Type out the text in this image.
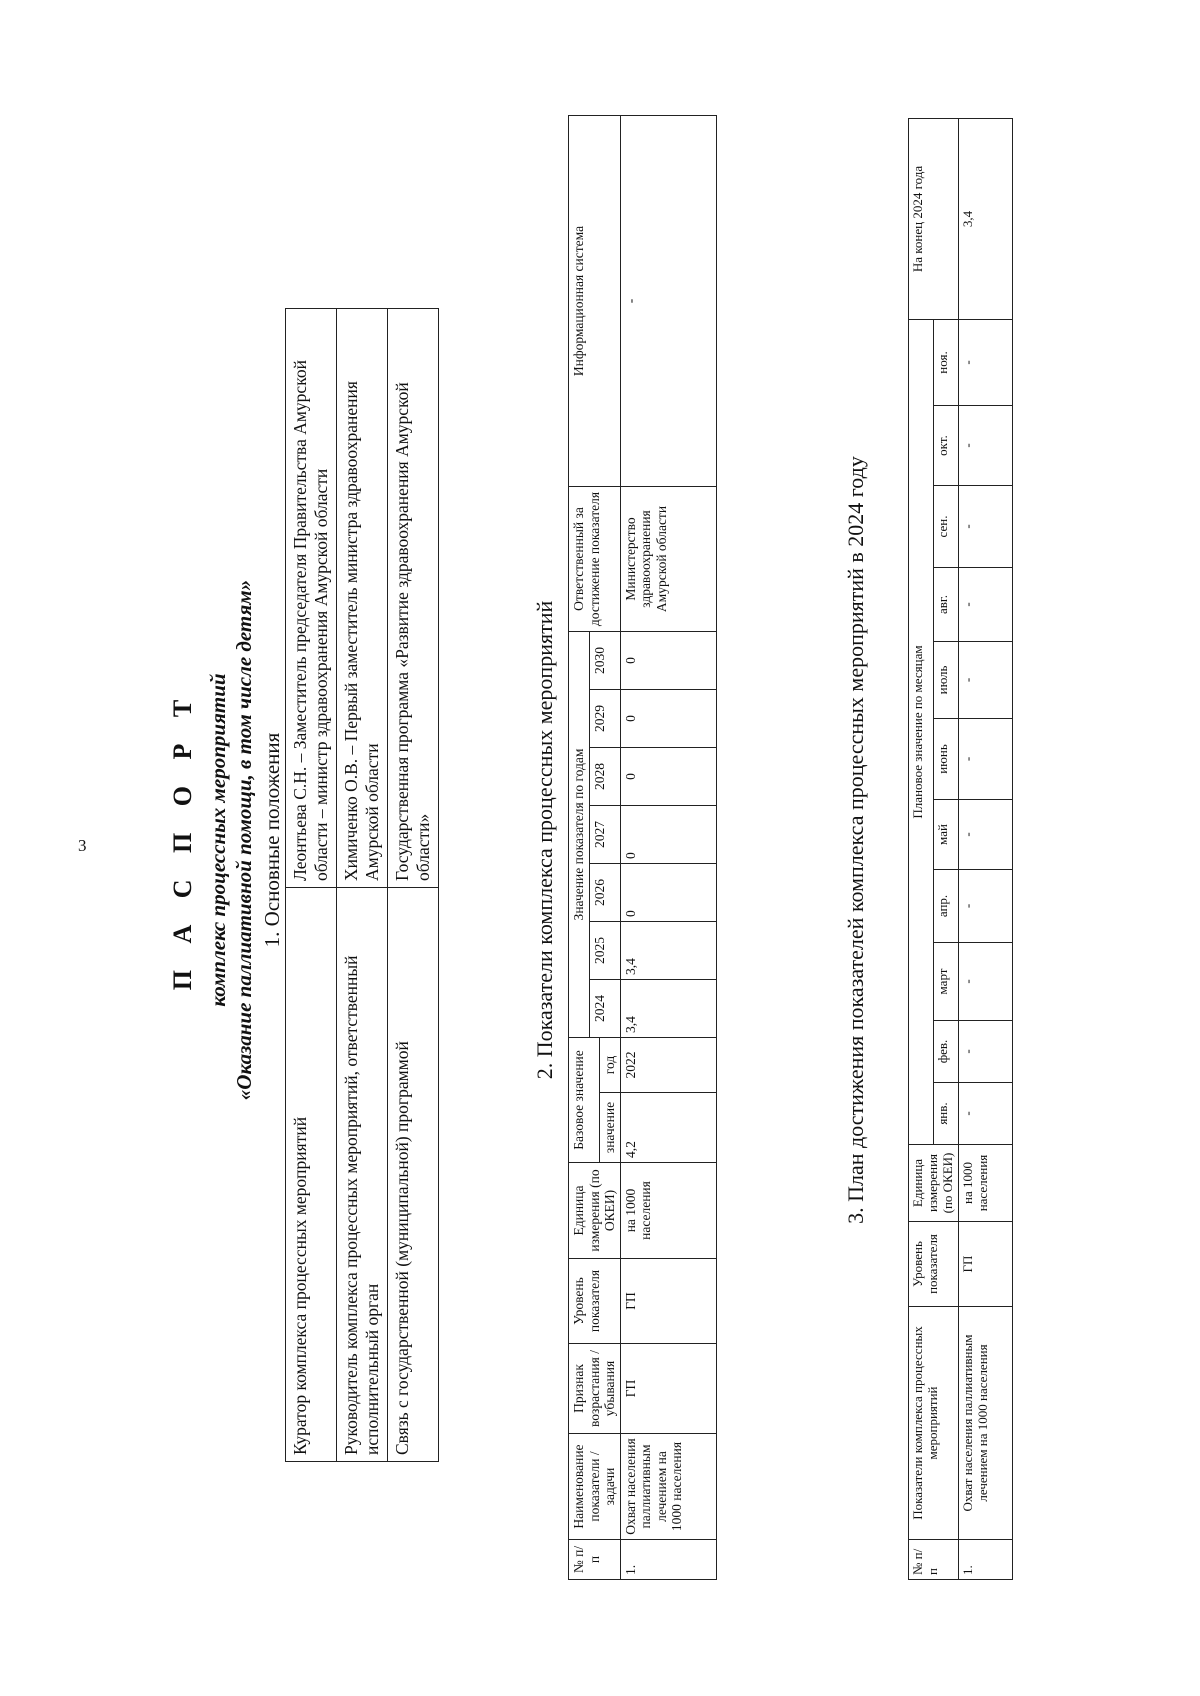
3	П А С П О Р Т комплекс процессных мероприятий «Оказание паллиативной помощи, в том числе детям» 1. Основные положения
Куратор комплекса процессных мероприятий	Леонтьева С.Н. – Заместитель председателя Правительства Амурской области – министр здравоохранения Амурской области
Руководитель комплекса процессных мероприятий, ответственный исполнительный орган	Химиченко О.В. – Первый заместитель министра здравоохранения Амурской области
Связь с государственной (муниципальной) программой	Государственная программа «Развитие здравоохранения Амурской области»	2. Показатели комплекса процессных мероприятий
№ п/п	Наименование показатели /задачи	Признак возрастания / убывания	Уровень показателя	Единица измерения (по ОКЕИ)	Базовое значение		Значение показателя по годам							Ответственный за достижение показателя	Информационная система
							2024	2025	2026	2027	2028	2029	2030		
					значение	год									
1.	Охват населения паллиативным лечением на 1000 населения	ГП	ГП	на 1000 населения	4,2	2022	3,4	3,4	0	0	0	0	0	Министерство здравоохранения Амурской области	-
3. План достижения показателей комплекса процессных мероприятий в 2024 году
№ п/п	Показатели комплекса процессных мероприятий	Уровень показателя	Единица измерения (по ОКЕИ)	Плановое значение по месяцам											На конец 2024 года
				янв.	фев.	март	апр.	май	июнь	июль	авг.	сен.	окт.	ноя.	
1.	Охват населения паллиативным лечением на 1000 населения	ГП	на 1000 населения	-	-	-	-	-	-	-	-	-	-	-	3,4
